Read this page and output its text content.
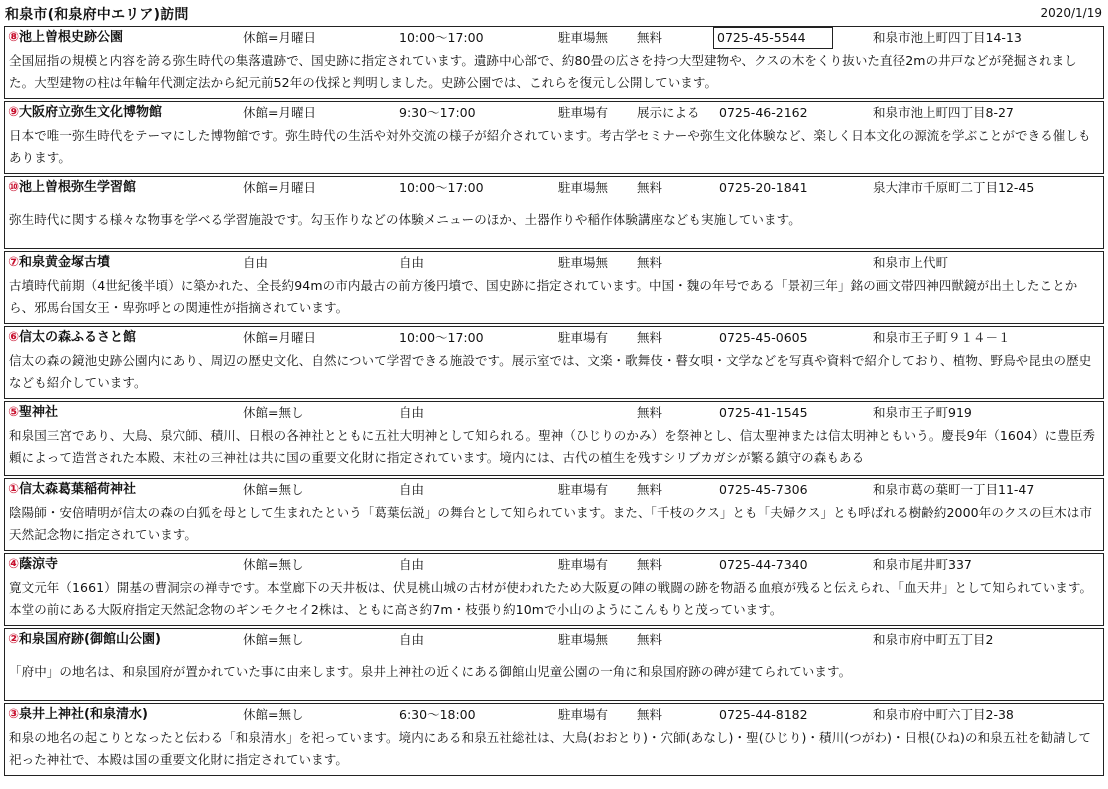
和泉市(和泉府中エリア)訪問	2020/1/19
⑧池上曽根史跡公園	休館=月曜日	10:00～17:00	駐車場無 無料	0725-45-5544	和泉市池上町四丁目14-13
全国屈指の規模と内容を誇る弥生時代の集落遺跡で、国史跡に指定されています。遺跡中心部で、約80畳の広さを持つ大型建物や、クスの木をくり抜いた直径2mの井戸などが発掘されました。大型建物の柱は年輪年代測定法から紀元前52年の伐採と判明しました。史跡公園では、これらを復元し公開しています。
⑨大阪府立弥生文化博物館	休館=月曜日	9:30～17:00	駐車場有 展示による 0725-46-2162	和泉市池上町四丁目8-27
日本で唯一弥生時代をテーマにした博物館です。弥生時代の生活や対外交流の様子が紹介されています。考古学セミナーや弥生文化体験など、楽しく日本文化の源流を学ぶことができる催しもあります。
⑩池上曽根弥生学習館	休館=月曜日	10:00～17:00	駐車場無 無料	0725-20-1841	泉大津市千原町二丁目12-45
弥生時代に関する様々な物事を学べる学習施設です。勾玉作りなどの体験メニューのほか、土器作りや稲作体験講座なども実施しています。
⑦和泉黄金塚古墳	自由	自由	駐車場無 無料	和泉市上代町
古墳時代前期（4世紀後半頃）に築かれた、全長約94mの市内最古の前方後円墳で、国史跡に指定されています。中国・魏の年号である「景初三年」銘の画文帯四神四獣鏡が出土したことから、邪馬台国女王・卑弥呼との関連性が指摘されています。
⑥信太の森ふるさと館	休館=月曜日	10:00～17:00	駐車場有 無料	0725-45-0605	和泉市王子町９１４－１
信太の森の鏡池史跡公園内にあり、周辺の歴史文化、自然について学習できる施設です。展示室では、文楽・歌舞伎・瞽女唄・文学などを写真や資料で紹介しており、植物、野鳥や昆虫の歴史なども紹介しています。
⑤聖神社	休館=無し	自由	無料	0725-41-1545	和泉市王子町919
和泉国三宮であり、大鳥、泉穴師、積川、日根の各神社とともに五社大明神として知られる。聖神（ひじりのかみ）を祭神とし、信太聖神または信太明神ともいう。慶長9年（1604）に豊臣秀頼によって造営された本殿、末社の三神社は共に国の重要文化財に指定されています。境内には、古代の植生を残すシリブカガシが繁る鎮守の森もある
①信太森葛葉稲荷神社	休館=無し	自由	駐車場有 無料	0725-45-7306	和泉市葛の葉町一丁目11-47
陰陽師・安倍晴明が信太の森の白狐を母として生まれたという「葛葉伝説」の舞台として知られています。また、「千枝のクス」とも「夫婦クス」とも呼ばれる樹齢約2000年のクスの巨木は市天然記念物に指定されています。
④蔭涼寺	休館=無し	自由	駐車場有 無料	0725-44-7340	和泉市尾井町337
寛文元年（1661）開基の曹洞宗の禅寺です。本堂廊下の天井板は、伏見桃山城の古材が使われたため大阪夏の陣の戦闘の跡を物語る血痕が残ると伝えられ、「血天井」として知られています。本堂の前にある大阪府指定天然記念物のギンモクセイ2株は、ともに高さ約7m・枝張り約10mで小山のようにこんもりと茂っています。
②和泉国府跡(御館山公園)	休館=無し	自由	駐車場無 無料	和泉市府中町五丁目2
「府中」の地名は、和泉国府が置かれていた事に由来します。泉井上神社の近くにある御館山児童公園の一角に和泉国府跡の碑が建てられています。
③泉井上神社(和泉清水)	休館=無し	6:30～18:00	駐車場有 無料	0725-44-8182	和泉市府中町六丁目2-38
和泉の地名の起こりとなったと伝わる「和泉清水」を祀っています。境内にある和泉五社総社は、大鳥(おおとり)・穴師(あなし)・聖(ひじり)・積川(つがわ)・日根(ひね)の和泉五社を勧請して祀った神社で、本殿は国の重要文化財に指定されています。
